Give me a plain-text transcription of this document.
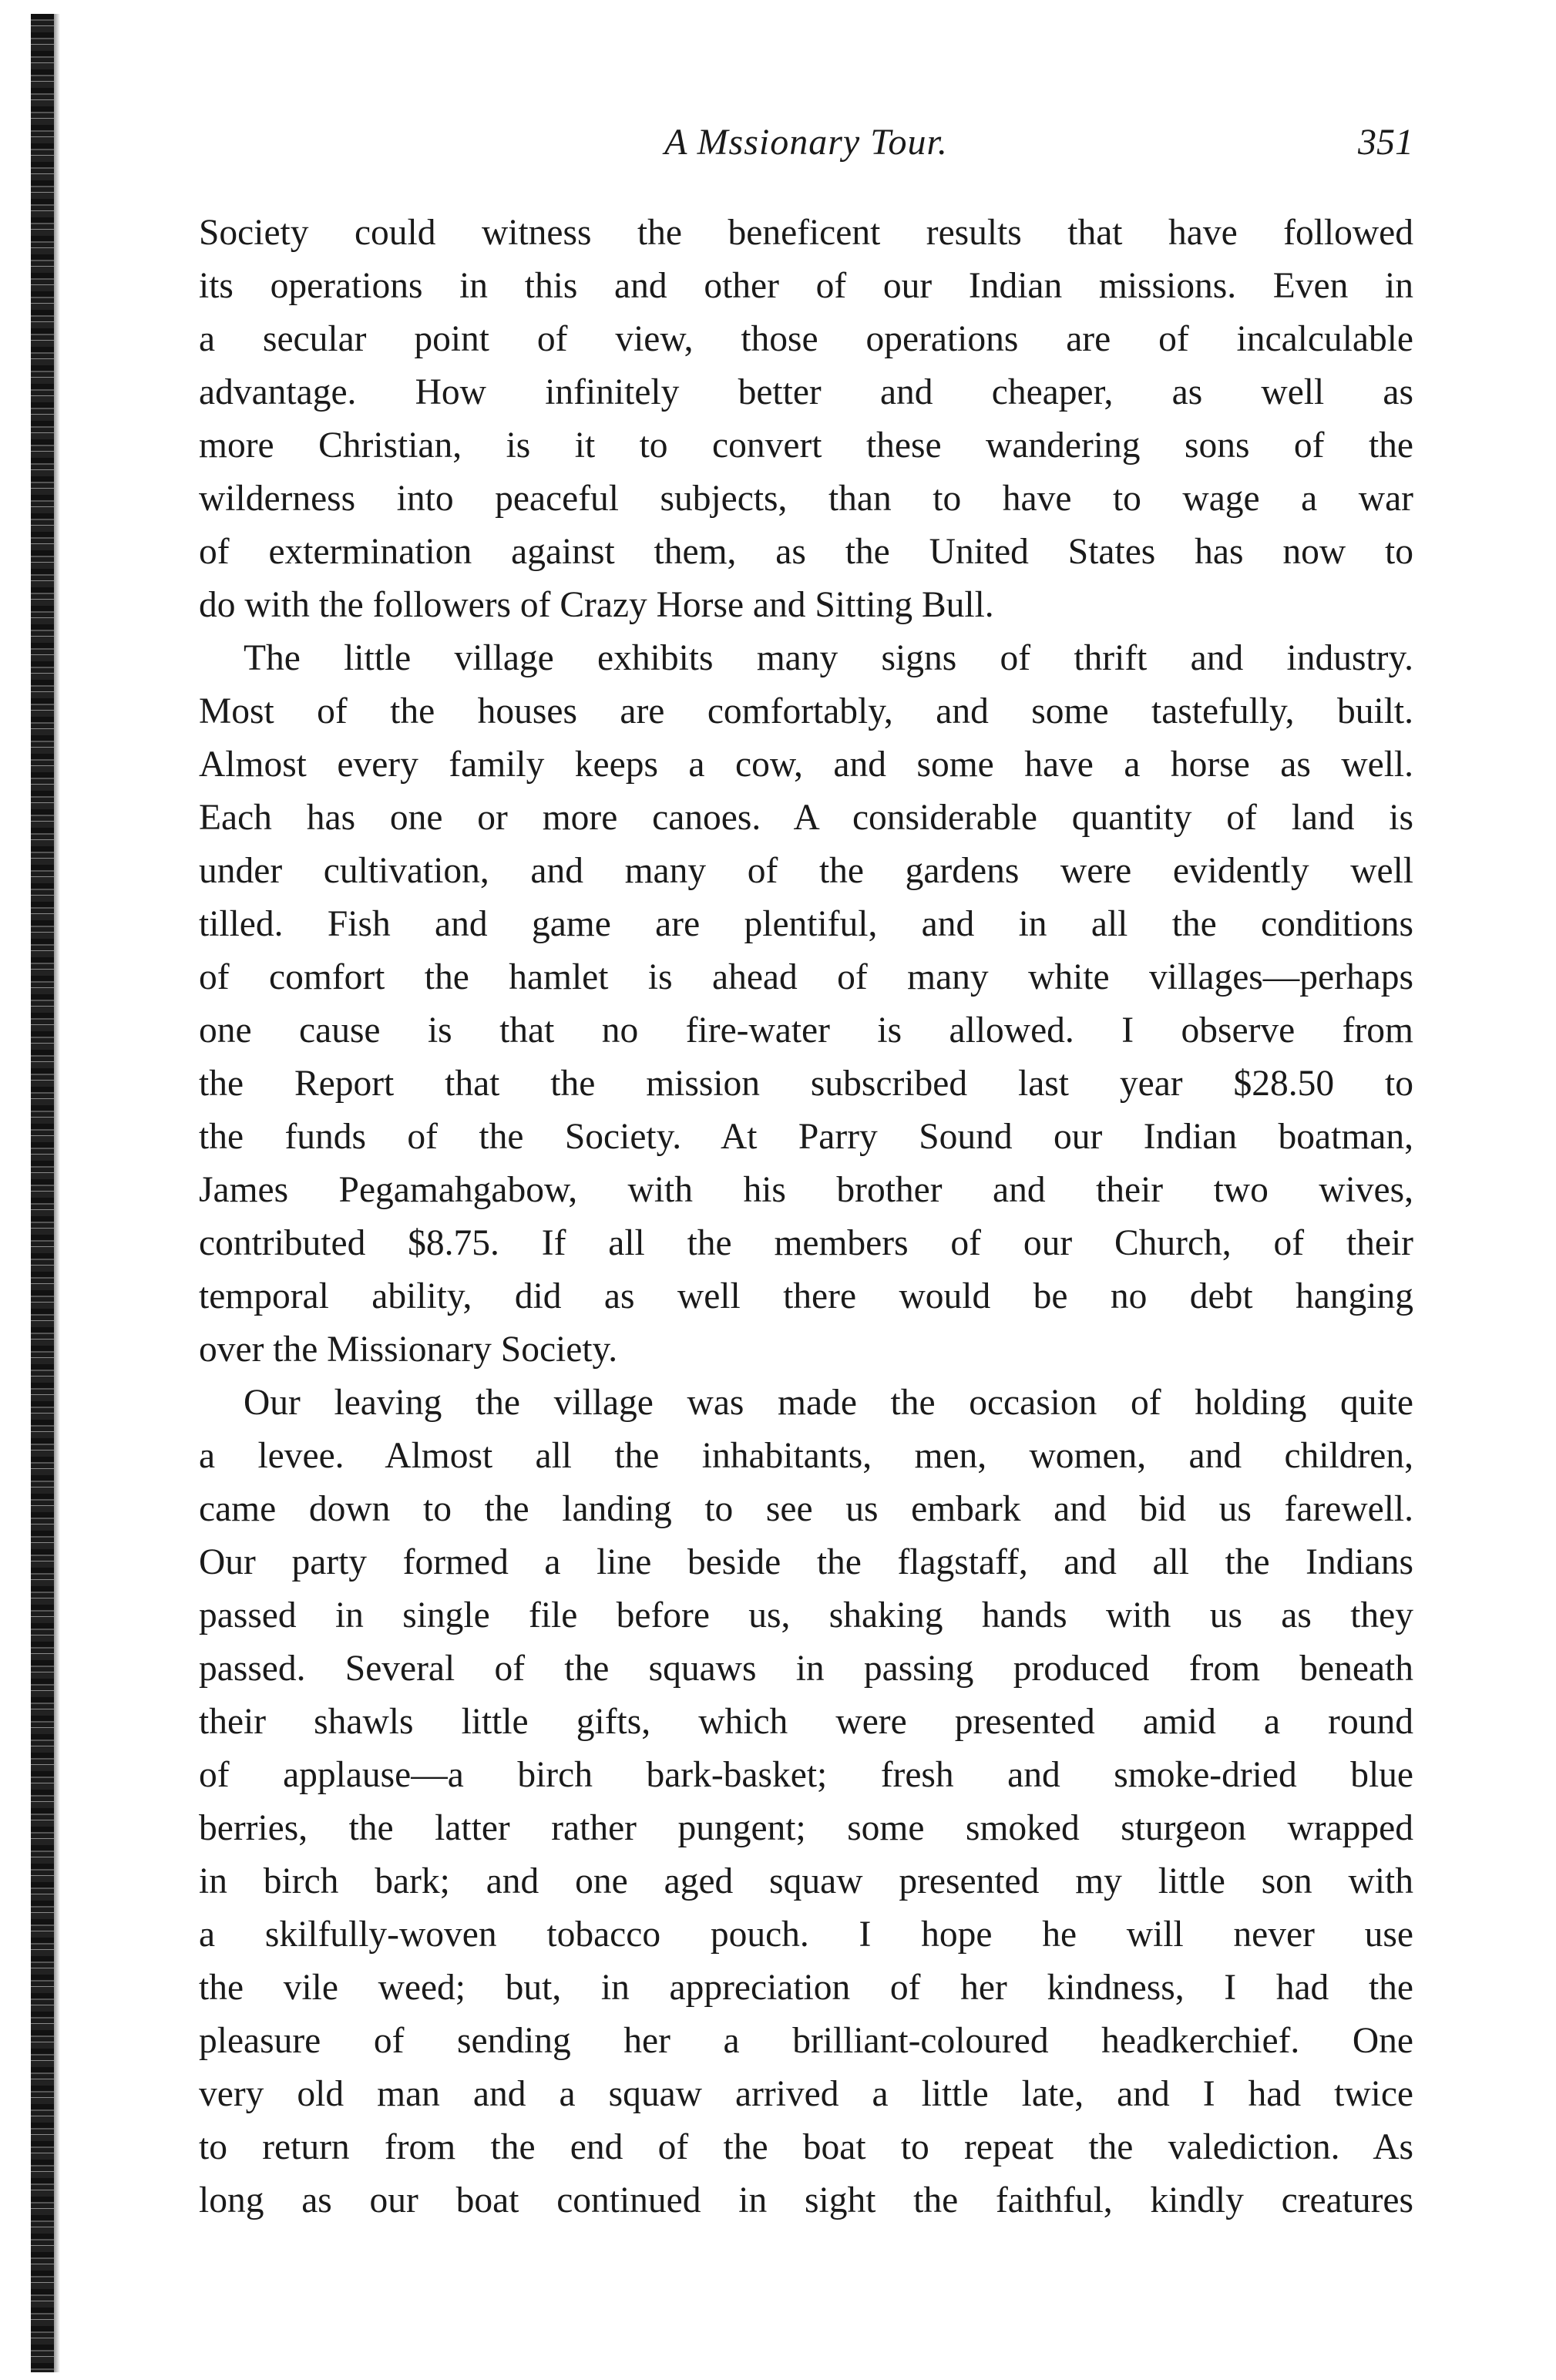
A Mssionary Tour.	351
Society could witness the beneficent results that have followed
its operations in this and other of our Indian missions. Even in
a secular point of view, those operations are of incalculable
advantage. How infinitely better and cheaper, as well as
more Christian, is it to convert these wandering sons of the
wilderness into peaceful subjects, than to have to wage a war
of extermination against them, as the United States has now to
do with the followers of Crazy Horse and Sitting Bull.
The little village exhibits many signs of thrift and industry.
Most of the houses are comfortably, and some tastefully, built.
Almost every family keeps a cow, and some have a horse as well.
Each has one or more canoes. A considerable quantity of land is
under cultivation, and many of the gardens were evidently well
tilled. Fish and game are plentiful, and in all the conditions
of comfort the hamlet is ahead of many white villages—perhaps
one cause is that no fire-water is allowed. I observe from
the Report that the mission subscribed last year $28.50 to
the funds of the Society. At Parry Sound our Indian boatman,
James Pegamahgabow, with his brother and their two wives,
contributed $8.75. If all the members of our Church, of their
temporal ability, did as well there would be no debt hanging
over the Missionary Society.
Our leaving the village was made the occasion of holding quite
a levee. Almost all the inhabitants, men, women, and children,
came down to the landing to see us embark and bid us farewell.
Our party formed a line beside the flagstaff, and all the Indians
passed in single file before us, shaking hands with us as they
passed. Several of the squaws in passing produced from beneath
their shawls little gifts, which were presented amid a round
of applause—a birch bark-basket; fresh and smoke-dried blue
berries, the latter rather pungent; some smoked sturgeon wrapped
in birch bark; and one aged squaw presented my little son with
a skilfully-woven tobacco pouch. I hope he will never use
the vile weed; but, in appreciation of her kindness, I had the
pleasure of sending her a brilliant-coloured headkerchief. One
very old man and a squaw arrived a little late, and I had twice
to return from the end of the boat to repeat the valediction. As
long as our boat continued in sight the faithful, kindly creatures
